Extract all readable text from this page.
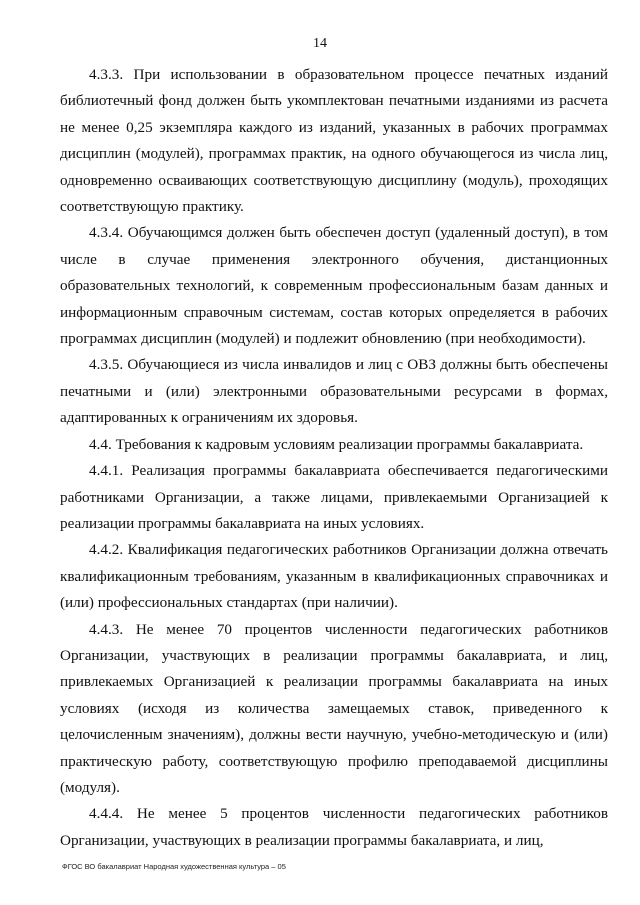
14

4.3.3. При использовании в образовательном процессе печатных изданий библиотечный фонд должен быть укомплектован печатными изданиями из расчета не менее 0,25 экземпляра каждого из изданий, указанных в рабочих программах дисциплин (модулей), программах практик, на одного обучающегося из числа лиц, одновременно осваивающих соответствующую дисциплину (модуль), проходящих соответствующую практику.

4.3.4. Обучающимся должен быть обеспечен доступ (удаленный доступ), в том числе в случае применения электронного обучения, дистанционных образовательных технологий, к современным профессиональным базам данных и информационным справочным системам, состав которых определяется в рабочих программах дисциплин (модулей) и подлежит обновлению (при необходимости).

4.3.5. Обучающиеся из числа инвалидов и лиц с ОВЗ должны быть обеспечены печатными и (или) электронными образовательными ресурсами в формах, адаптированных к ограничениям их здоровья.

4.4. Требования к кадровым условиям реализации программы бакалавриата.

4.4.1. Реализация программы бакалавриата обеспечивается педагогическими работниками Организации, а также лицами, привлекаемыми Организацией к реализации программы бакалавриата на иных условиях.

4.4.2. Квалификация педагогических работников Организации должна отвечать квалификационным требованиям, указанным в квалификационных справочниках и (или) профессиональных стандартах (при наличии).

4.4.3. Не менее 70 процентов численности педагогических работников Организации, участвующих в реализации программы бакалавриата, и лиц, привлекаемых Организацией к реализации программы бакалавриата на иных условиях (исходя из количества замещаемых ставок, приведенного к целочисленным значениям), должны вести научную, учебно-методическую и (или) практическую работу, соответствующую профилю преподаваемой дисциплины (модуля).

4.4.4. Не менее 5 процентов численности педагогических работников Организации, участвующих в реализации программы бакалавриата, и лиц,

ФГОС ВО бакалавриат Народная художественная культура – 05
